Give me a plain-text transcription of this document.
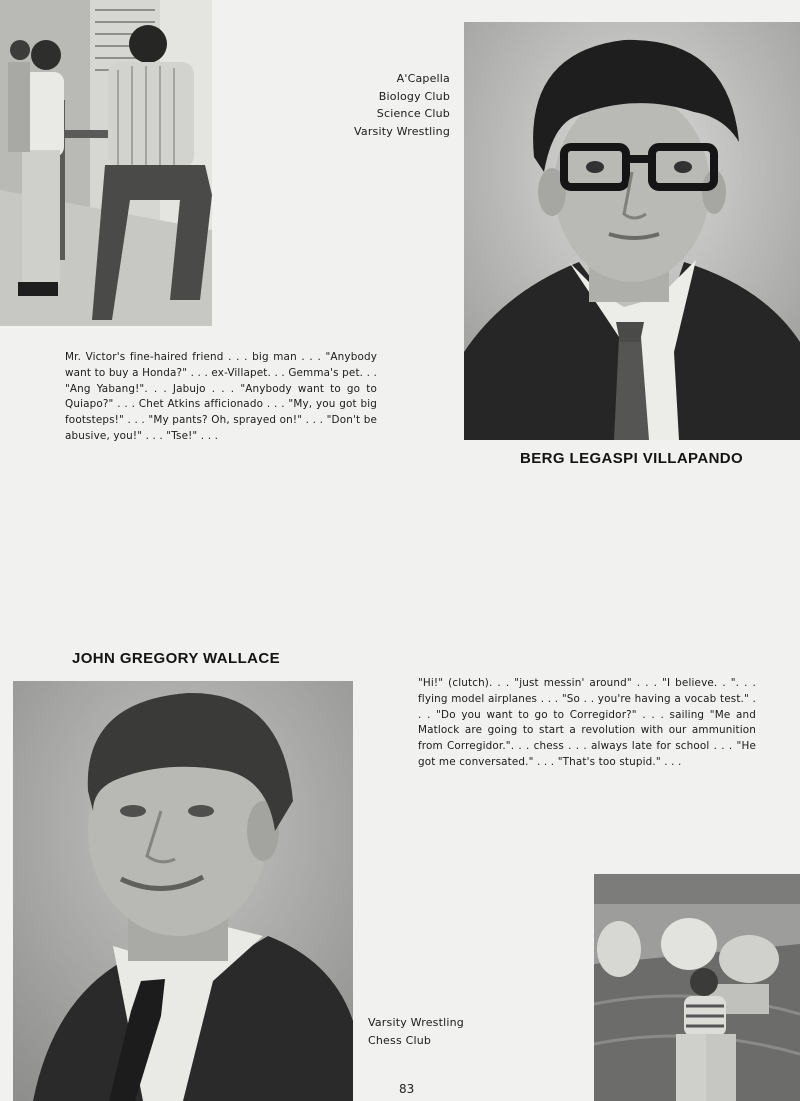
A'Capella
Biology Club
Science Club
Varsity Wrestling
Mr. Victor's fine-haired friend . . . big man . . . "Anybody want to buy a Honda?" . . . ex-Villapet. . . Gemma's pet. . . "Ang Yabang!". . . Jabujo . . . "Anybody want to go to Quiapo?" . . . Chet Atkins afficionado . . . "My, you got big footsteps!" . . . "My pants? Oh, sprayed on!" . . . "Don't be abusive, you!" . . . "Tse!" . . .
BERG LEGASPI VILLAPANDO
JOHN GREGORY WALLACE
"Hi!" (clutch). . . "just messin' around" . . . "I believe. . ". . . flying model airplanes . . . "So . . you're having a vocab test." . . . "Do you want to go to Corregidor?" . . . sailing "Me and Matlock are going to start a revolution with our ammunition from Corregidor.". . . chess . . . always late for school . . . "He got me conversated." . . . "That's too stupid." . . .
Varsity Wrestling
Chess Club
83
